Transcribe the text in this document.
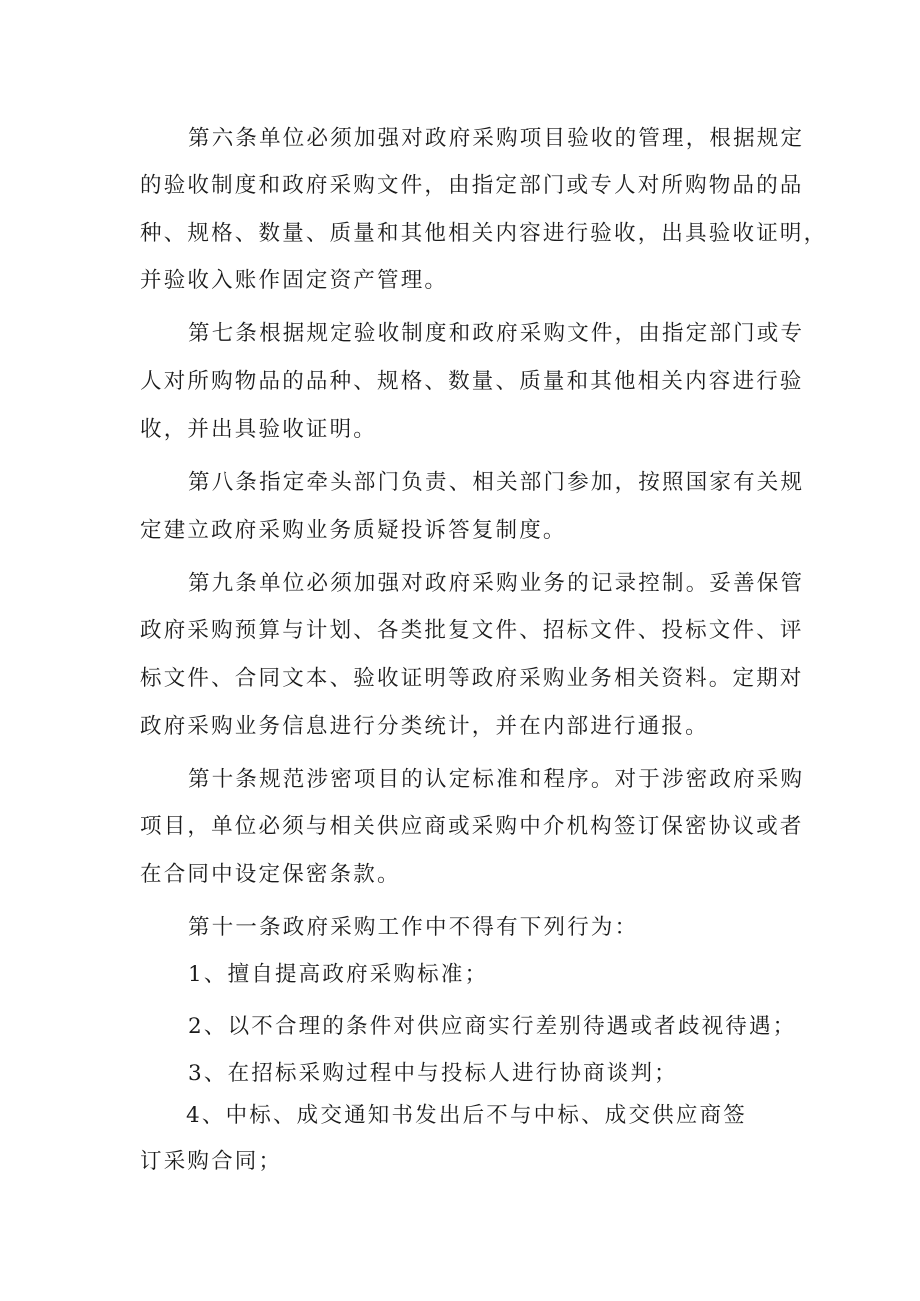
第六条单位必须加强对政府采购项目验收的管理，根据规定
的验收制度和政府采购文件，由指定部门或专人对所购物品的品
种、规格、数量、质量和其他相关内容进行验收，出具验收证明，
并验收入账作固定资产管理。
第七条根据规定验收制度和政府采购文件，由指定部门或专
人对所购物品的品种、规格、数量、质量和其他相关内容进行验
收，并出具验收证明。
第八条指定牵头部门负责、相关部门参加，按照国家有关规
定建立政府采购业务质疑投诉答复制度。
第九条单位必须加强对政府采购业务的记录控制。妥善保管
政府采购预算与计划、各类批复文件、招标文件、投标文件、评
标文件、合同文本、验收证明等政府采购业务相关资料。定期对
政府采购业务信息进行分类统计，并在内部进行通报。
第十条规范涉密项目的认定标准和程序。对于涉密政府采购
项目，单位必须与相关供应商或采购中介机构签订保密协议或者
在合同中设定保密条款。
第十一条政府采购工作中不得有下列行为：
1、擅自提高政府采购标准；
2、以不合理的条件对供应商实行差别待遇或者歧视待遇；
3、在招标采购过程中与投标人进行协商谈判；
4、中标、成交通知书发出后不与中标、成交供应商签
订采购合同；
